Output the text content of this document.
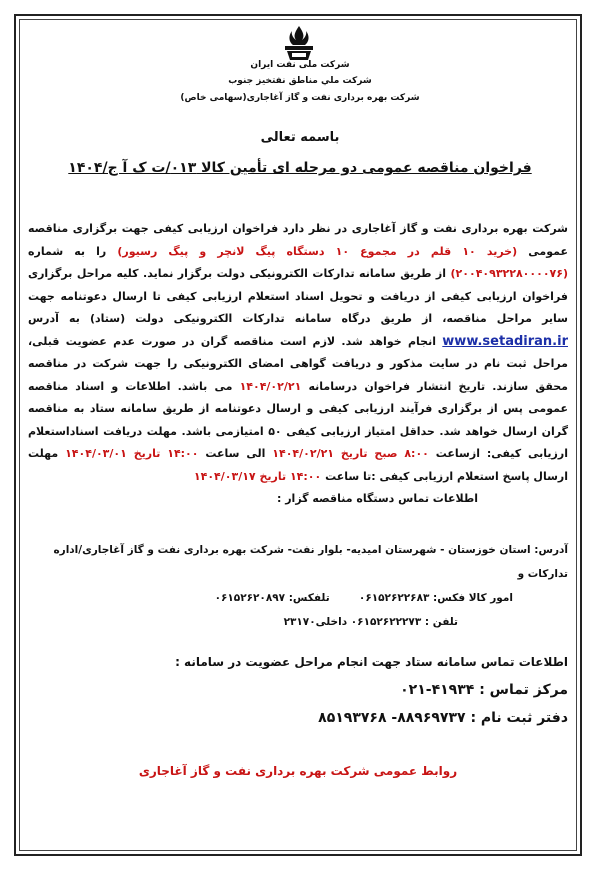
شرکت ملی نفت ایران
شرکت ملي مناطق نفتخيز جنوب
شرکت بهره برداری نفت و گاز آغاجاری(سهامی خاص)
باسمه تعالی
فراخوان مناقصه عمومی دو مرحله ای تأمین کالا ۰۱۳/ت ک آ ج/۱۴۰۴
شرکت بهره برداری نفت و گاز آغاجاری در نظر دارد فراخوان ارزیابی کیفی جهت برگزاری مناقصه عمومی (خرید ۱۰ قلم در مجموع ۱۰ دستگاه پیگ لانچر و پیگ رسیور) را به شماره (۲۰۰۴۰۹۳۲۲۸۰۰۰۰۷۶) از طریق سامانه تدارکات الکترونیکی دولت برگزار نماید. کلیه مراحل برگزاری فراخوان ارزیابی کیفی از دریافت و تحویل اسناد استعلام ارزیابی کیفی تا ارسال دعوتنامه جهت سایر مراحل مناقصه، از طریق درگاه سامانه تدارکات الکترونیکی دولت (ستاد) به آدرس www.setadiran.ir انجام خواهد شد. لازم است مناقصه گران در صورت عدم عضویت قبلی، مراحل ثبت نام در سایت مذکور و دریافت گواهی امضای الکترونیکی را جهت شرکت در مناقصه محقق سازند. تاریخ انتشار فراخوان درسامانه ۱۴۰۴/۰۲/۲۱ می باشد. اطلاعات و اسناد مناقصه عمومی پس از برگزاری فرآیند ارزیابی کیفی و ارسال دعوتنامه از طریق سامانه ستاد به مناقصه گران ارسال خواهد شد. حداقل امتیاز ارزیابی کیفی ۵۰ امتیازمی باشد. مهلت دریافت اسناداستعلام ارزیابی کیفی: ازساعت ۸:۰۰ صبح تاریخ ۱۴۰۴/۰۲/۲۱ الی ساعت ۱۴:۰۰ تاریخ ۱۴۰۴/۰۳/۰۱ مهلت ارسال پاسخ استعلام ارزیابی کیفی :تا ساعت ۱۴:۰۰ تاریخ ۱۴۰۴/۰۳/۱۷
اطلاعات تماس دستگاه مناقصه گزار :
آدرس: استان خوزستان - شهرستان امیدیه- بلوار نفت- شرکت بهره برداری نفت و گاز آغاجاری/اداره تدارکات و
امور کالا فکس: ۰۶۱۵۲۶۲۲۶۸۳        تلفکس: ۰۶۱۵۲۶۲۰۸۹۷
تلفن : ۰۶۱۵۲۶۲۲۲۷۳ داخلی۲۳۱۷۰
اطلاعات تماس سامانه ستاد جهت انجام مراحل عضویت در سامانه :
مرکز تماس : ۴۱۹۳۴-۰۲۱
دفتر ثبت نام : ۸۸۹۶۹۷۳۷- ۸۵۱۹۳۷۶۸
روابط عمومی شرکت بهره برداری نفت و گاز آغاجاری
